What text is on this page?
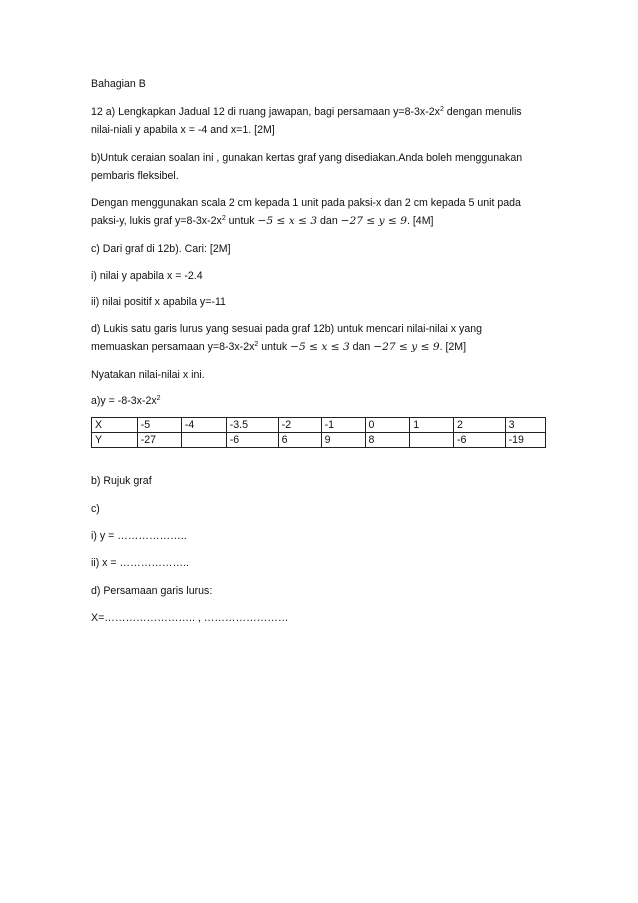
Bahagian B
12 a) Lengkapkan Jadual 12 di ruang jawapan, bagi persamaan $y=8-3x-2x^2$ dengan menulis
nilai-niali y apabila x = -4 and x=1. [2M]
b)Untuk ceraian soalan ini , gunakan kertas graf yang disediakan.Anda boleh menggunakan
pembaris fleksibel.
Dengan menggunakan scala 2 cm kepada 1 unit pada paksi-x dan 2 cm kepada 5 unit pada
paksi-y, lukis graf $y=8-3x-2x^2$ untuk −5 ≤ x ≤ 3 dan −27 ≤ y ≤ 9. [4M]
c) Dari graf di 12b). Cari: [2M]
i) nilai y apabila x = -2.4
ii) nilai positif x apabila y=-11
d) Lukis satu garis lurus yang sesuai pada graf 12b) untuk mencari nilai-nilai x yang
memuaskan persamaan $y=8-3x-2x^2$ untuk −5 ≤ x ≤ 3 dan −27 ≤ y ≤ 9. [2M]
Nyatakan nilai-nilai x ini.
$a)y = -8-3x-2x^2$
X	-5	-4	-3.5	-2	-1	0	1	2	3
Y	-27		-6	6	9	8		-6	-19
b) Rujuk graf
c)
i) y = ………………..
ii) x = ………………..
d) Persamaan garis lurus:
X=…………………….. , ……………………
